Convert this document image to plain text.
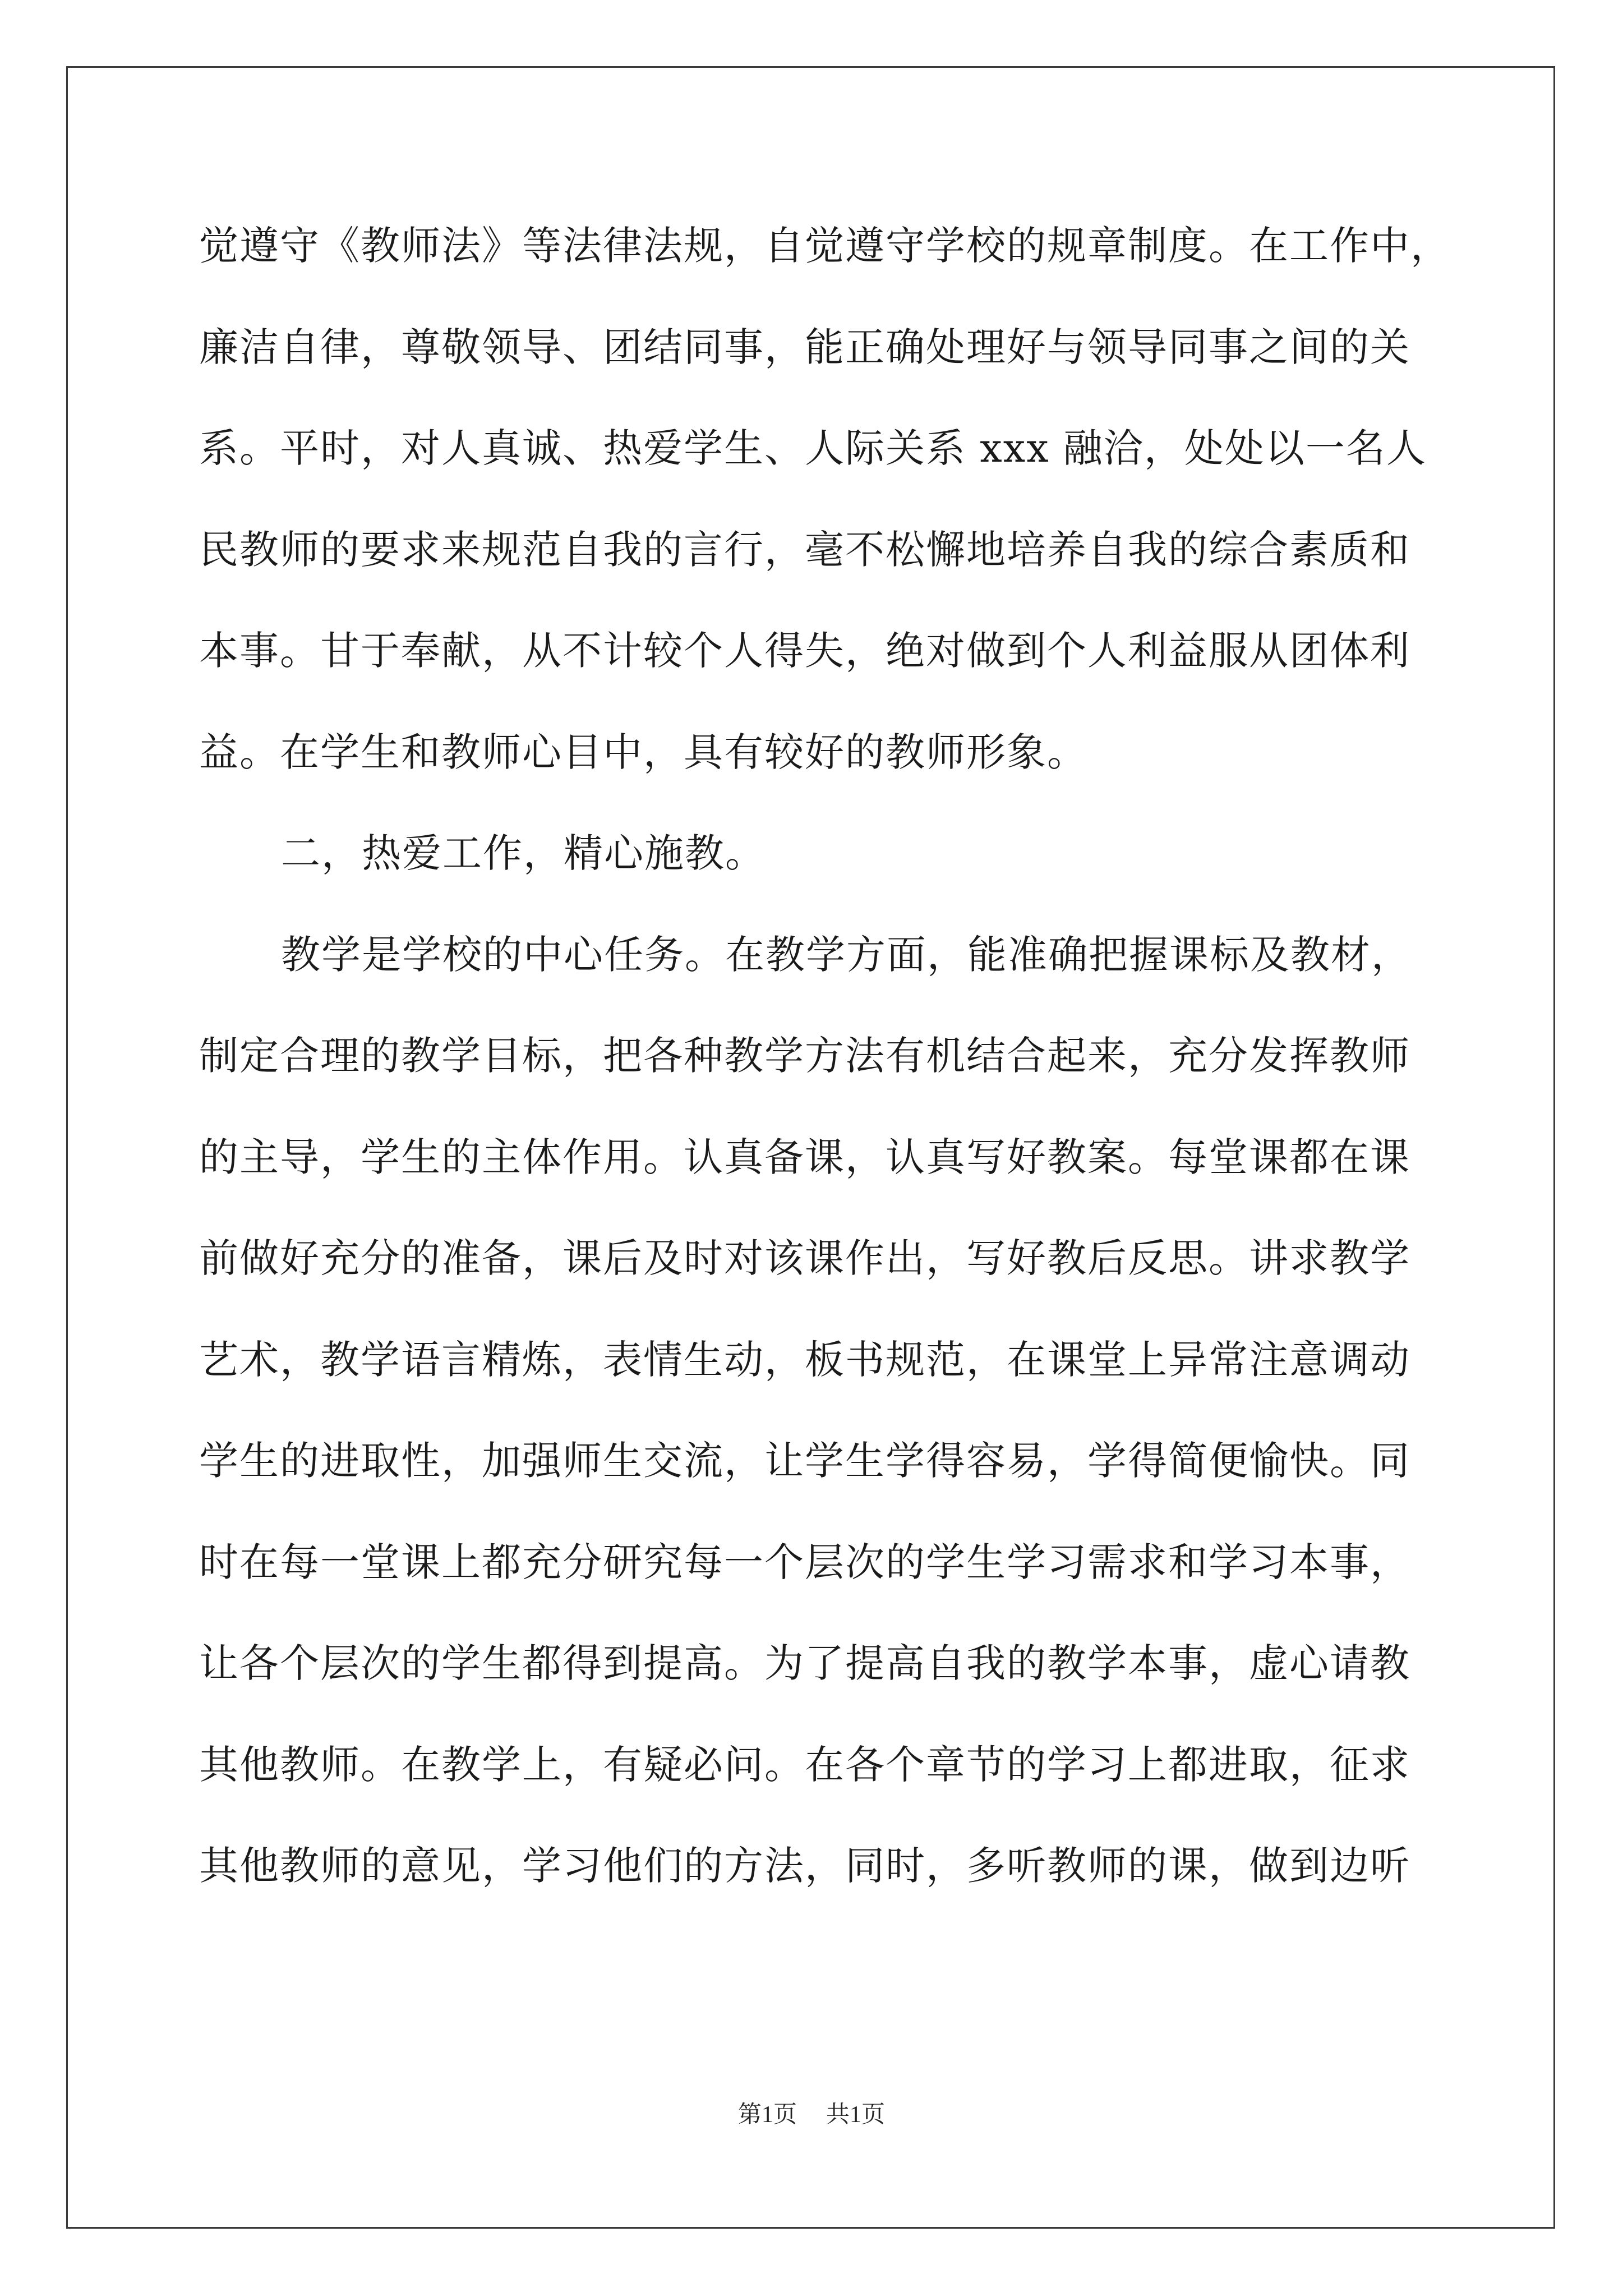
觉遵守《教师法》等法律法规，自觉遵守学校的规章制度。在工作中，
廉洁自律，尊敬领导、团结同事，能正确处理好与领导同事之间的关
系。平时，对人真诚、热爱学生、人际关系 xxx 融洽，处处以一名人
民教师的要求来规范自我的言行，毫不松懈地培养自我的综合素质和
本事。甘于奉献，从不计较个人得失，绝对做到个人利益服从团体利
益。在学生和教师心目中，具有较好的教师形象。
二，热爱工作，精心施教。
教学是学校的中心任务。在教学方面，能准确把握课标及教材，
制定合理的教学目标，把各种教学方法有机结合起来，充分发挥教师
的主导，学生的主体作用。认真备课，认真写好教案。每堂课都在课
前做好充分的准备，课后及时对该课作出，写好教后反思。讲求教学
艺术，教学语言精炼，表情生动，板书规范，在课堂上异常注意调动
学生的进取性，加强师生交流，让学生学得容易，学得简便愉快。同
时在每一堂课上都充分研究每一个层次的学生学习需求和学习本事，
让各个层次的学生都得到提高。为了提高自我的教学本事，虚心请教
其他教师。在教学上，有疑必问。在各个章节的学习上都进取，征求
其他教师的意见，学习他们的方法，同时，多听教师的课，做到边听
第1页 共1页
